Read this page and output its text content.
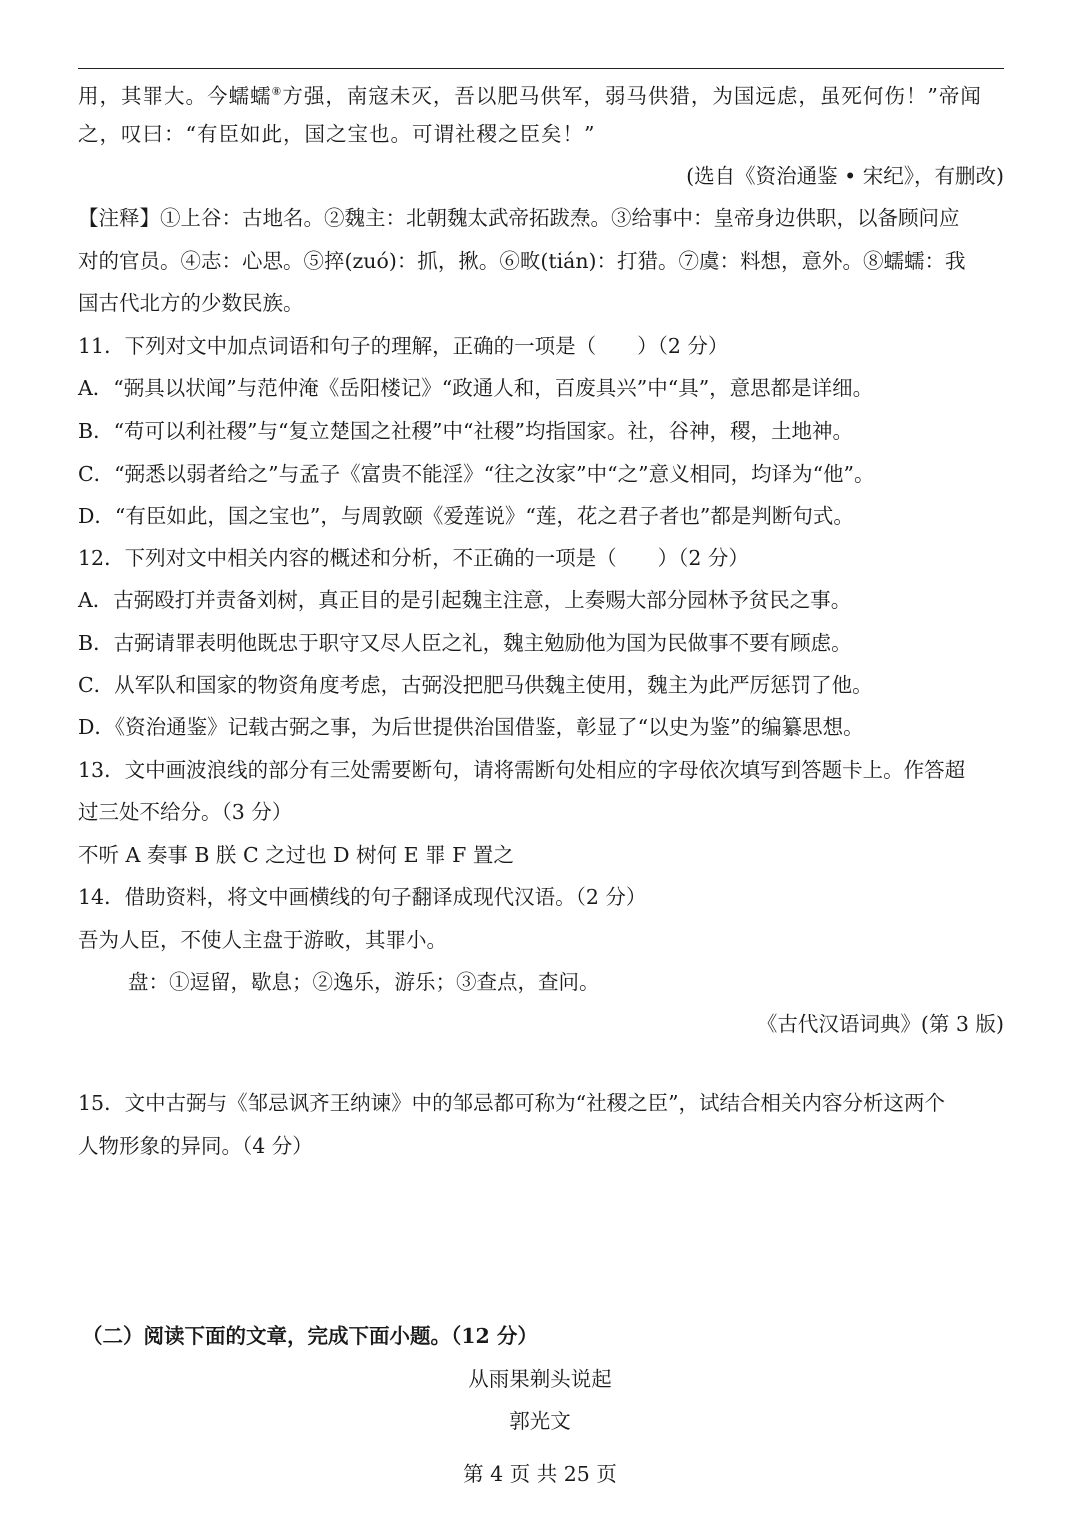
用，其罪大。今蠕蠕⑧方强，南寇未灭，吾以肥马供军，弱马供猎，为国远虑，虽死何伤！”帝闻
之，叹曰：“有臣如此，国之宝也。可谓社稷之臣矣！”
(选自《资治通鉴 • 宋纪》，有删改)
【注释】①上谷：古地名。②魏主：北朝魏太武帝拓跋焘。③给事中：皇帝身边供职，以备顾问应
对的官员。④志：心思。⑤捽(zuó)：抓，揪。⑥畋(tián)：打猎。⑦虞：料想，意外。⑧蠕蠕：我
国古代北方的少数民族。
11．下列对文中加点词语和句子的理解，正确的一项是（　　）（2 分）
A．“弼具以状闻”与范仲淹《岳阳楼记》“政通人和，百废具兴”中“具”，意思都是详细。
B．“苟可以利社稷”与“复立楚国之社稷”中“社稷”均指国家。社，谷神，稷，土地神。
C．“弼悉以弱者给之”与孟子《富贵不能淫》“往之汝家”中“之”意义相同，均译为“他”。
D．“有臣如此，国之宝也”，与周敦颐《爱莲说》“莲，花之君子者也”都是判断句式。
12．下列对文中相关内容的概述和分析，不正确的一项是（　　）（2 分）
A．古弼殴打并责备刘树，真正目的是引起魏主注意，上奏赐大部分园林予贫民之事。
B．古弼请罪表明他既忠于职守又尽人臣之礼，魏主勉励他为国为民做事不要有顾虑。
C．从军队和国家的物资角度考虑，古弼没把肥马供魏主使用，魏主为此严厉惩罚了他。
D．《资治通鉴》记载古弼之事，为后世提供治国借鉴，彰显了“以史为鉴”的编纂思想。
13．文中画波浪线的部分有三处需要断句，请将需断句处相应的字母依次填写到答题卡上。作答超
过三处不给分。（3 分）
不听 A 奏事 B 朕 C 之过也 D 树何 E 罪 F 置之
14．借助资料，将文中画横线的句子翻译成现代汉语。（2 分）
吾为人臣，不使人主盘于游畋，其罪小。
盘：①逗留，歇息；②逸乐，游乐；③查点，查问。
《古代汉语词典》(第 3 版)
15．文中古弼与《邹忌讽齐王纳谏》中的邹忌都可称为“社稷之臣”，试结合相关内容分析这两个
人物形象的异同。（4 分）
（二）阅读下面的文章，完成下面小题。（12 分）
从雨果剃头说起
郭光文
第 4 页 共 25 页
